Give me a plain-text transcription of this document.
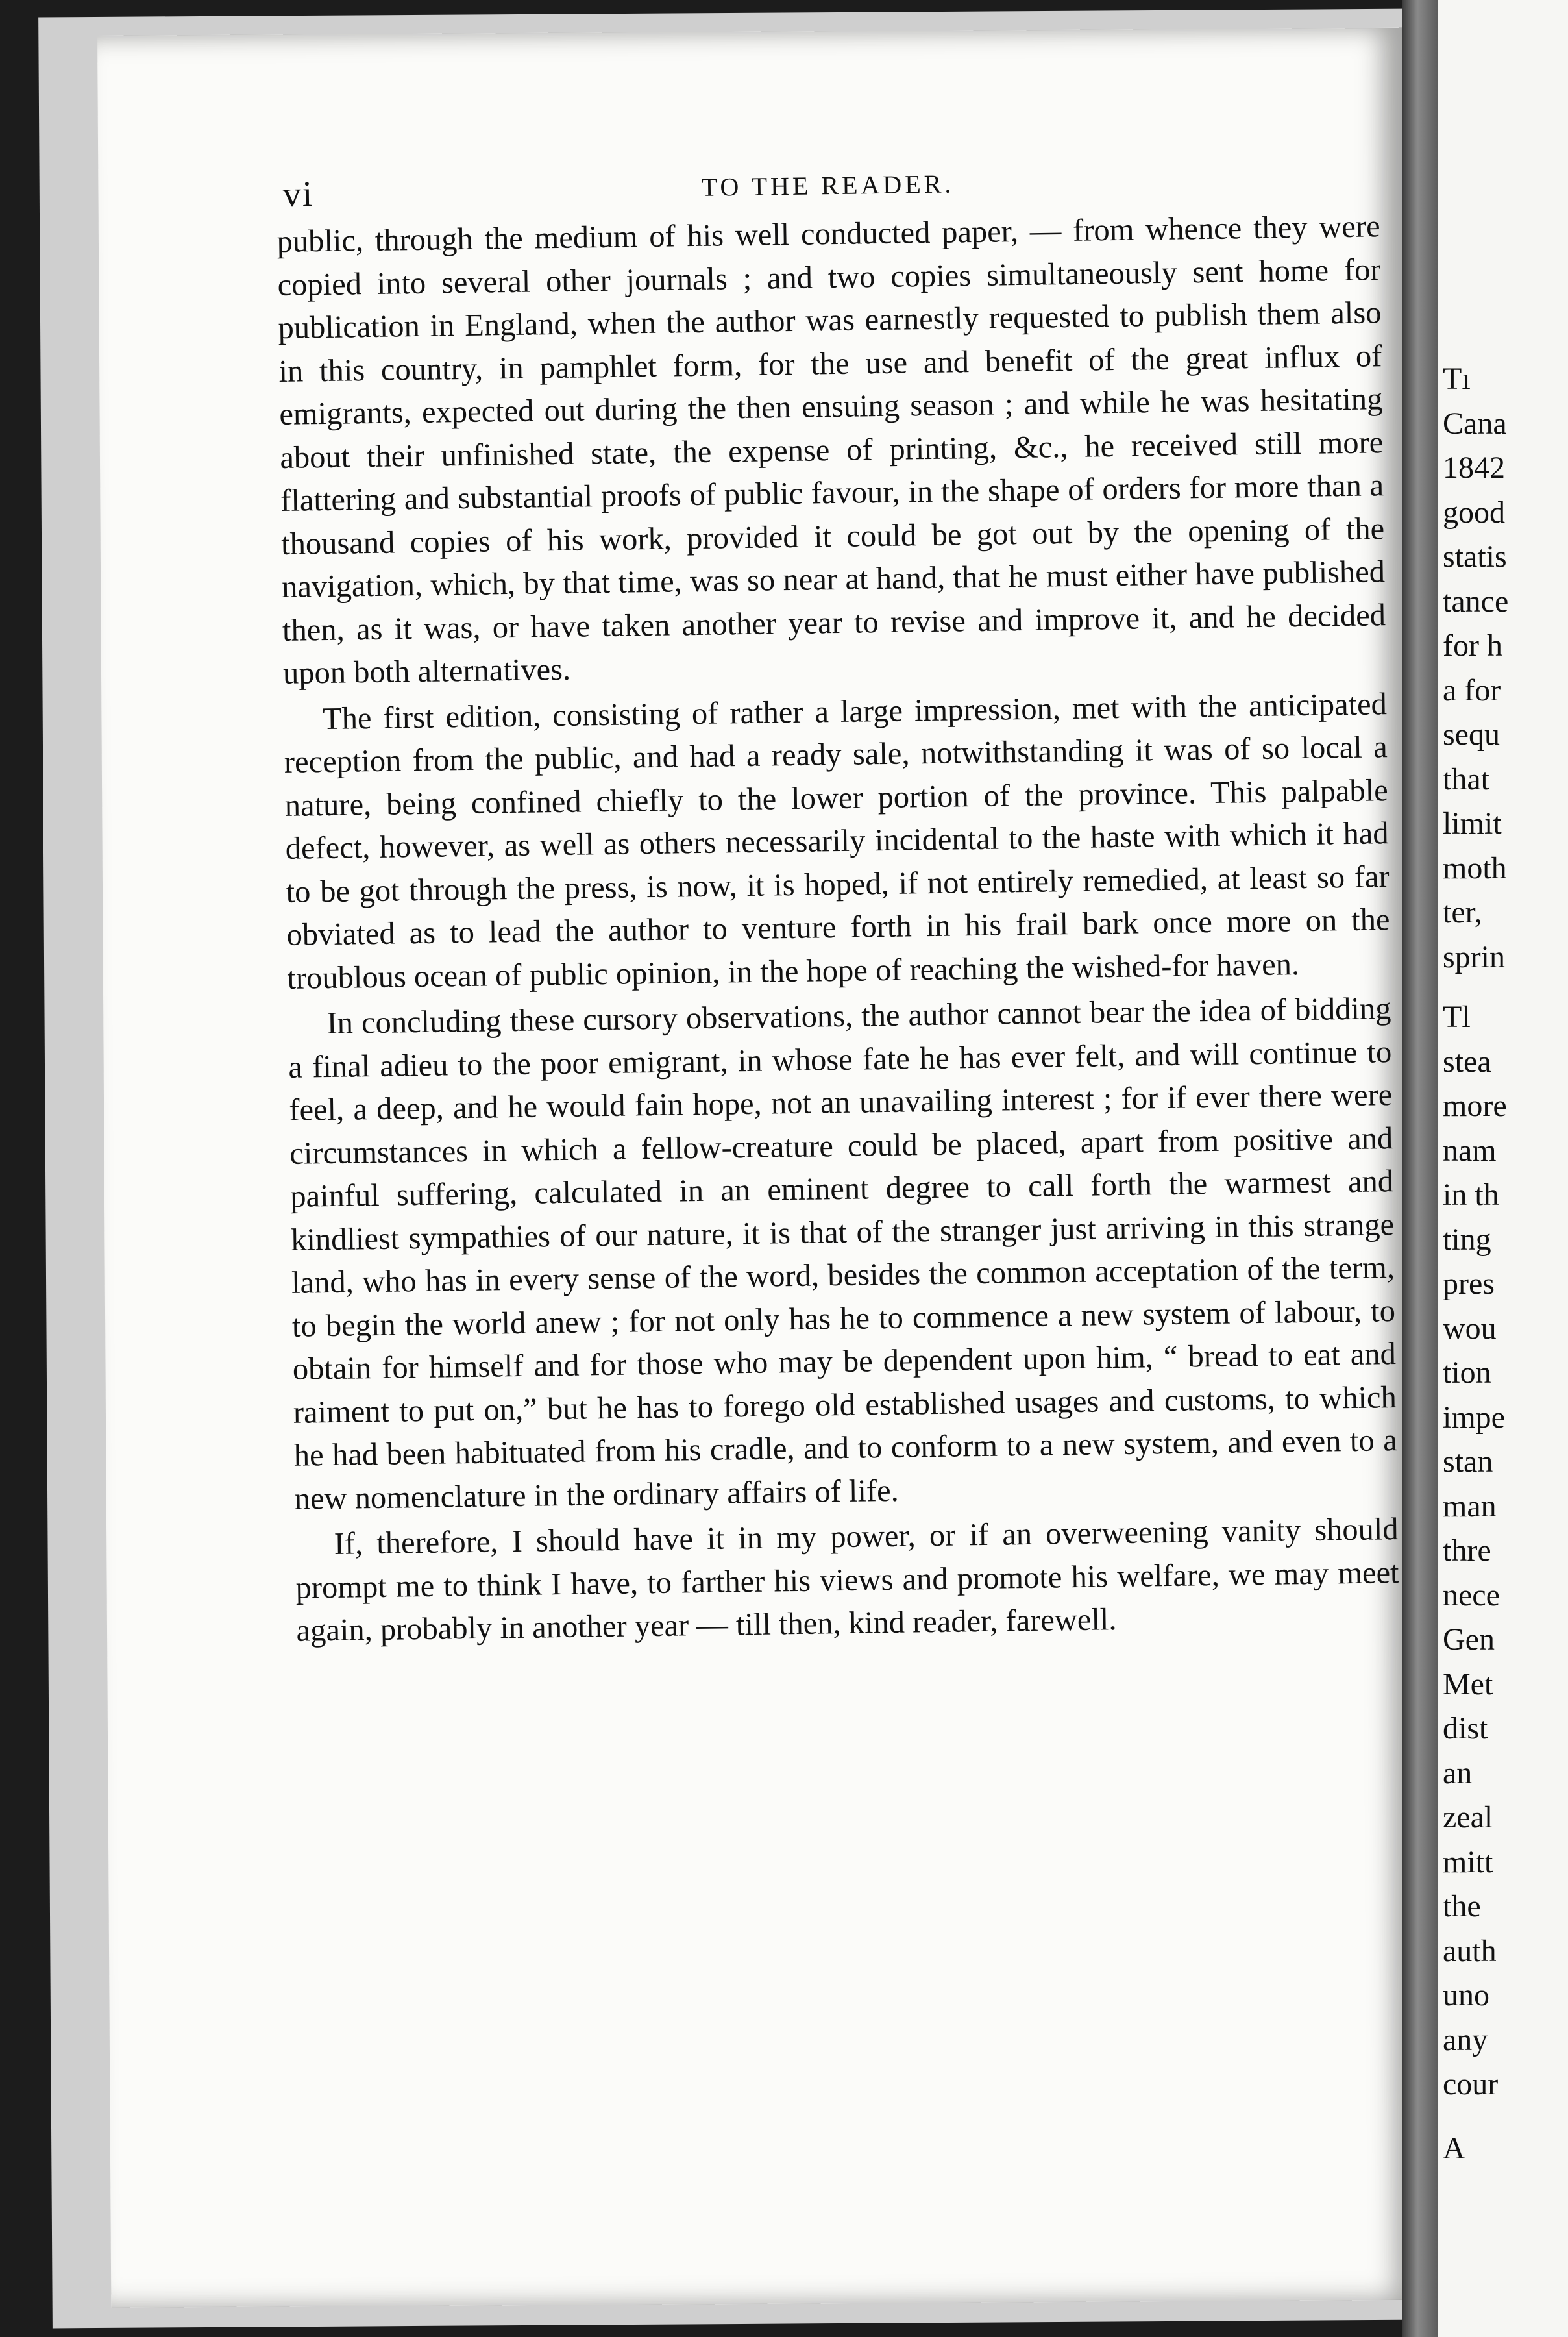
Tı
Cana
1842
good
statis
tance
for h
a for
sequ
that
limit
moth
ter,
sprin
Tl
stea
more
nam
in th
ting
pres
wou
tion
impe
stan
man
thre
nece
Gen
Met
dist
an
zeal
mitt
the
auth
uno
any
cour
A
vi	TO THE READER.

public, through the medium of his well conducted paper, — from whence they were copied into several other journals ; and two copies simultaneously sent home for publication in England, when the author was earnestly requested to publish them also in this country, in pamphlet form, for the use and benefit of the great influx of emigrants, expected out during the then ensuing season ; and while he was hesitating about their unfinished state, the expense of printing, &c., he received still more flattering and substantial proofs of public favour, in the shape of orders for more than a thousand copies of his work, provided it could be got out by the opening of the navigation, which, by that time, was so near at hand, that he must either have published then, as it was, or have taken another year to revise and improve it, and he decided upon both alternatives.

The first edition, consisting of rather a large impression, met with the anticipated reception from the public, and had a ready sale, notwithstanding it was of so local a nature, being confined chiefly to the lower portion of the province. This palpable defect, however, as well as others necessarily incidental to the haste with which it had to be got through the press, is now, it is hoped, if not entirely remedied, at least so far obviated as to lead the author to venture forth in his frail bark once more on the troublous ocean of public opinion, in the hope of reaching the wished-for haven.

In concluding these cursory observations, the author cannot bear the idea of bidding a final adieu to the poor emigrant, in whose fate he has ever felt, and will continue to feel, a deep, and he would fain hope, not an unavailing interest ; for if ever there were circumstances in which a fellow-creature could be placed, apart from positive and painful suffering, calculated in an eminent degree to call forth the warmest and kindliest sympathies of our nature, it is that of the stranger just arriving in this strange land, who has in every sense of the word, besides the common acceptation of the term, to begin the world anew ; for not only has he to commence a new system of labour, to obtain for himself and for those who may be dependent upon him, “ bread to eat and raiment to put on,” but he has to forego old established usages and customs, to which he had been habituated from his cradle, and to conform to a new system, and even to a new nomenclature in the ordinary affairs of life.

If, therefore, I should have it in my power, or if an overweening vanity should prompt me to think I have, to farther his views and promote his welfare, we may meet again, probably in another year — till then, kind reader, farewell.
